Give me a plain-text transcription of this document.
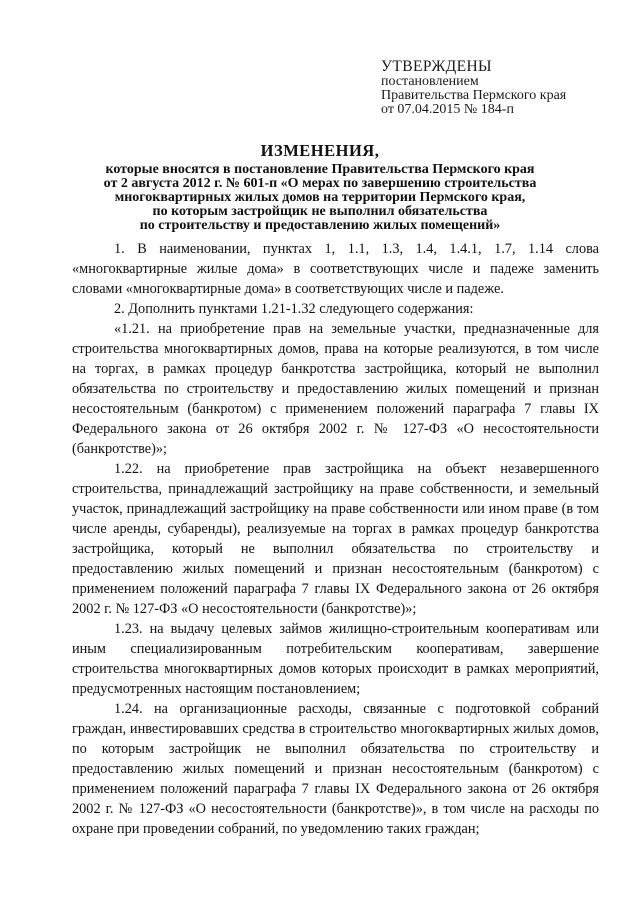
УТВЕРЖДЕНЫ
постановлением
Правительства Пермского края
от 07.04.2015 № 184-п
ИЗМЕНЕНИЯ,
которые вносятся в постановление Правительства Пермского края
от 2 августа 2012 г. № 601-п «О мерах по завершению строительства
многоквартирных жилых домов на территории Пермского края,
по которым застройщик не выполнил обязательства
по строительству и предоставлению жилых помещений»

1. В наименовании, пунктах 1, 1.1, 1.3, 1.4, 1.4.1, 1.7, 1.14 слова «многоквартирные жилые дома» в соответствующих числе и падеже заменить словами «многоквартирные дома» в соответствующих числе и падеже.

2. Дополнить пунктами 1.21-1.32 следующего содержания:

«1.21. на приобретение прав на земельные участки, предназначенные для строительства многоквартирных домов, права на которые реализуются, в том числе на торгах, в рамках процедур банкротства застройщика, который не выполнил обязательства по строительству и предоставлению жилых помещений и признан несостоятельным (банкротом) с применением положений параграфа 7 главы IX Федерального закона от 26 октября 2002 г. № 127-ФЗ «О несостоятельности (банкротстве)»;

1.22. на приобретение прав застройщика на объект незавершенного строительства, принадлежащий застройщику на праве собственности, и земельный участок, принадлежащий застройщику на праве собственности или ином праве (в том числе аренды, субаренды), реализуемые на торгах в рамках процедур банкротства застройщика, который не выполнил обязательства по строительству и предоставлению жилых помещений и признан несостоятельным (банкротом) с применением положений параграфа 7 главы IX Федерального закона от 26 октября 2002 г. № 127-ФЗ «О несостоятельности (банкротстве)»;

1.23. на выдачу целевых займов жилищно-строительным кооперативам или иным специализированным потребительским кооперативам, завершение строительства многоквартирных домов которых происходит в рамках мероприятий, предусмотренных настоящим постановлением;

1.24. на организационные расходы, связанные с подготовкой собраний граждан, инвестировавших средства в строительство многоквартирных жилых домов, по которым застройщик не выполнил обязательства по строительству и предоставлению жилых помещений и признан несостоятельным (банкротом) с применением положений параграфа 7 главы IX Федерального закона от 26 октября 2002 г. № 127-ФЗ «О несостоятельности (банкротстве)», в том числе на расходы по охране при проведении собраний, по уведомлению таких граждан;
